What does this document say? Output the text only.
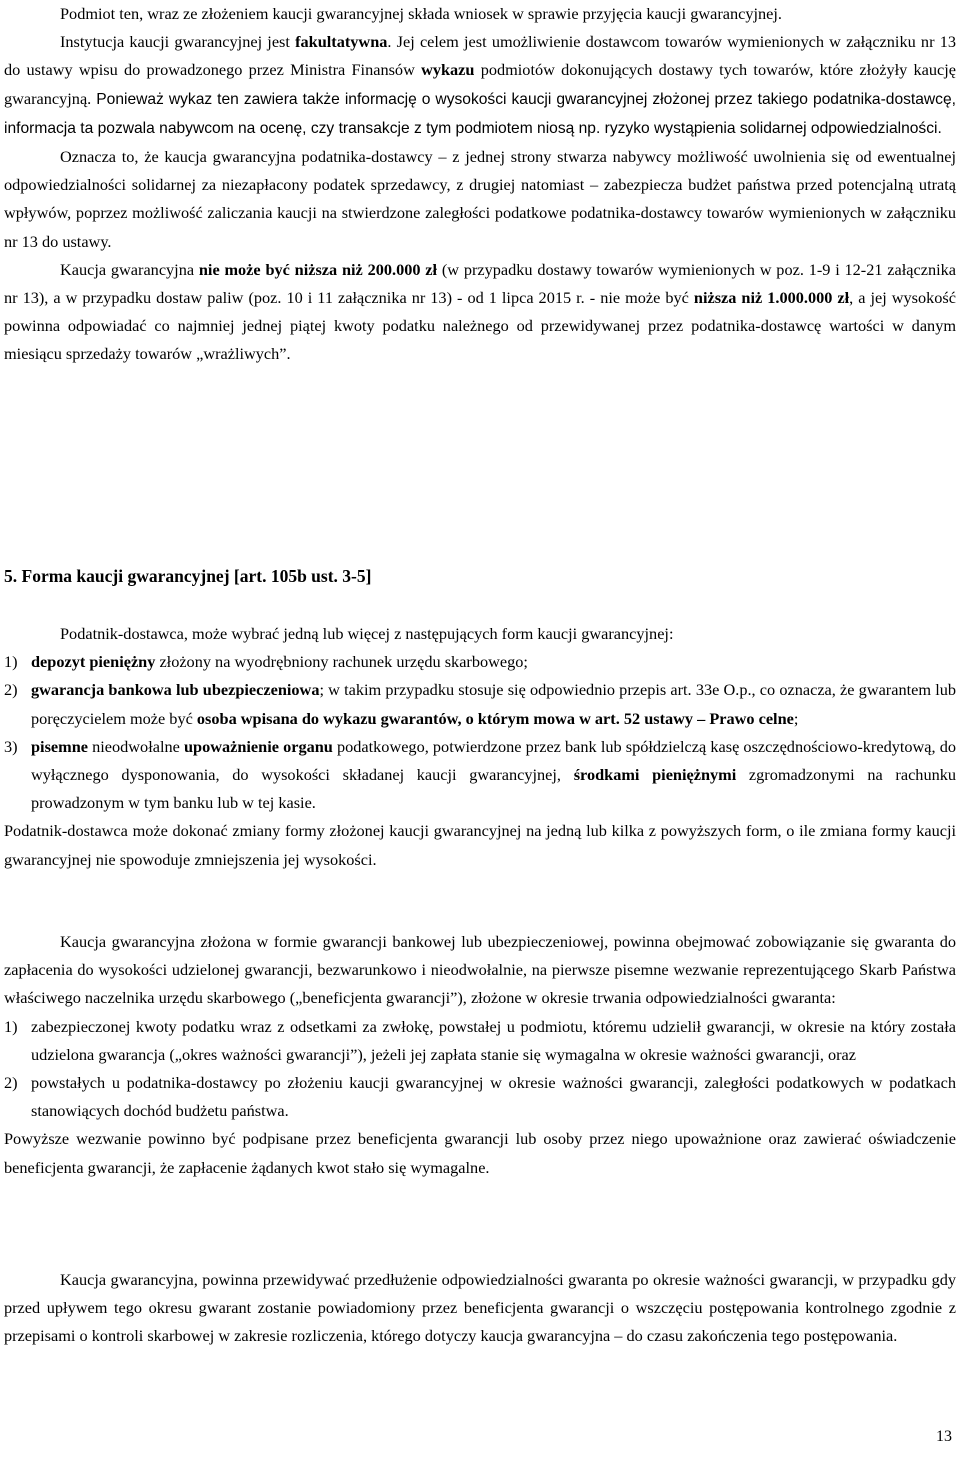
Podmiot ten, wraz ze złożeniem kaucji gwarancyjnej składa wniosek w sprawie przyjęcia kaucji gwarancyjnej.

Instytucja kaucji gwarancyjnej jest fakultatywna. Jej celem jest umożliwienie dostawcom towarów wymienionych w załączniku nr 13 do ustawy wpisu do prowadzonego przez Ministra Finansów wykazu podmiotów dokonujących dostawy tych towarów, które złożyły kaucję gwarancyjną. Ponieważ wykaz ten zawiera także informację o wysokości kaucji gwarancyjnej złożonej przez takiego podatnika-dostawcę, informacja ta pozwala nabywcom na ocenę, czy transakcje z tym podmiotem niosą np. ryzyko wystąpienia solidarnej odpowiedzialności.

Oznacza to, że kaucja gwarancyjna podatnika-dostawcy – z jednej strony stwarza nabywcy możliwość uwolnienia się od ewentualnej odpowiedzialności solidarnej za niezapłacony podatek sprzedawcy, z drugiej natomiast – zabezpiecza budżet państwa przed potencjalną utratą wpływów, poprzez możliwość zaliczania kaucji na stwierdzone zaległości podatkowe podatnika-dostawcy towarów wymienionych w załączniku nr 13 do ustawy.

Kaucja gwarancyjna nie może być niższa niż 200.000 zł (w przypadku dostawy towarów wymienionych w poz. 1-9 i 12-21 załącznika nr 13), a w przypadku dostaw paliw (poz. 10 i 11 załącznika nr 13) - od 1 lipca 2015 r. - nie może być niższa niż 1.000.000 zł, a jej wysokość powinna odpowiadać co najmniej jednej piątej kwoty podatku należnego od przewidywanej przez podatnika-dostawcę wartości w danym miesiącu sprzedaży towarów „wrażliwych”.

5. Forma kaucji gwarancyjnej [art. 105b ust. 3-5]

Podatnik-dostawca, może wybrać jedną lub więcej z następujących form kaucji gwarancyjnej:

1) depozyt pieniężny złożony na wyodrębniony rachunek urzędu skarbowego;
2) gwarancja bankowa lub ubezpieczeniowa; w takim przypadku stosuje się odpowiednio przepis art. 33e O.p., co oznacza, że gwarantem lub poręczycielem może być osoba wpisana do wykazu gwarantów, o którym mowa w art. 52 ustawy – Prawo celne;
3) pisemne nieodwołalne upoważnienie organu podatkowego, potwierdzone przez bank lub spółdzielczą kasę oszczędnościowo-kredytową, do wyłącznego dysponowania, do wysokości składanej kaucji gwarancyjnej, środkami pieniężnymi zgromadzonymi na rachunku prowadzonym w tym banku lub w tej kasie.

Podatnik-dostawca może dokonać zmiany formy złożonej kaucji gwarancyjnej na jedną lub kilka z powyższych form, o ile zmiana formy kaucji gwarancyjnej nie spowoduje zmniejszenia jej wysokości.

Kaucja gwarancyjna złożona w formie gwarancji bankowej lub ubezpieczeniowej, powinna obejmować zobowiązanie się gwaranta do zapłacenia do wysokości udzielonej gwarancji, bezwarunkowo i nieodwołalnie, na pierwsze pisemne wezwanie reprezentującego Skarb Państwa właściwego naczelnika urzędu skarbowego („beneficjenta gwarancji”), złożone w okresie trwania odpowiedzialności gwaranta:

1) zabezpieczonej kwoty podatku wraz z odsetkami za zwłokę, powstałej u podmiotu, któremu udzielił gwarancji, w okresie na który została udzielona gwarancja („okres ważności gwarancji”), jeżeli jej zapłata stanie się wymagalna w okresie ważności gwarancji, oraz
2) powstałych u podatnika-dostawcy po złożeniu kaucji gwarancyjnej w okresie ważności gwarancji, zaległości podatkowych w podatkach stanowiących dochód budżetu państwa.

Powyższe wezwanie powinno być podpisane przez beneficjenta gwarancji lub osoby przez niego upoważnione oraz zawierać oświadczenie beneficjenta gwarancji, że zapłacenie żądanych kwot stało się wymagalne.

Kaucja gwarancyjna, powinna przewidywać przedłużenie odpowiedzialności gwaranta po okresie ważności gwarancji, w przypadku gdy przed upływem tego okresu gwarant zostanie powiadomiony przez beneficjenta gwarancji o wszczęciu postępowania kontrolnego zgodnie z przepisami o kontroli skarbowej w zakresie rozliczenia, którego dotyczy kaucja gwarancyjna – do czasu zakończenia tego postępowania.

13
